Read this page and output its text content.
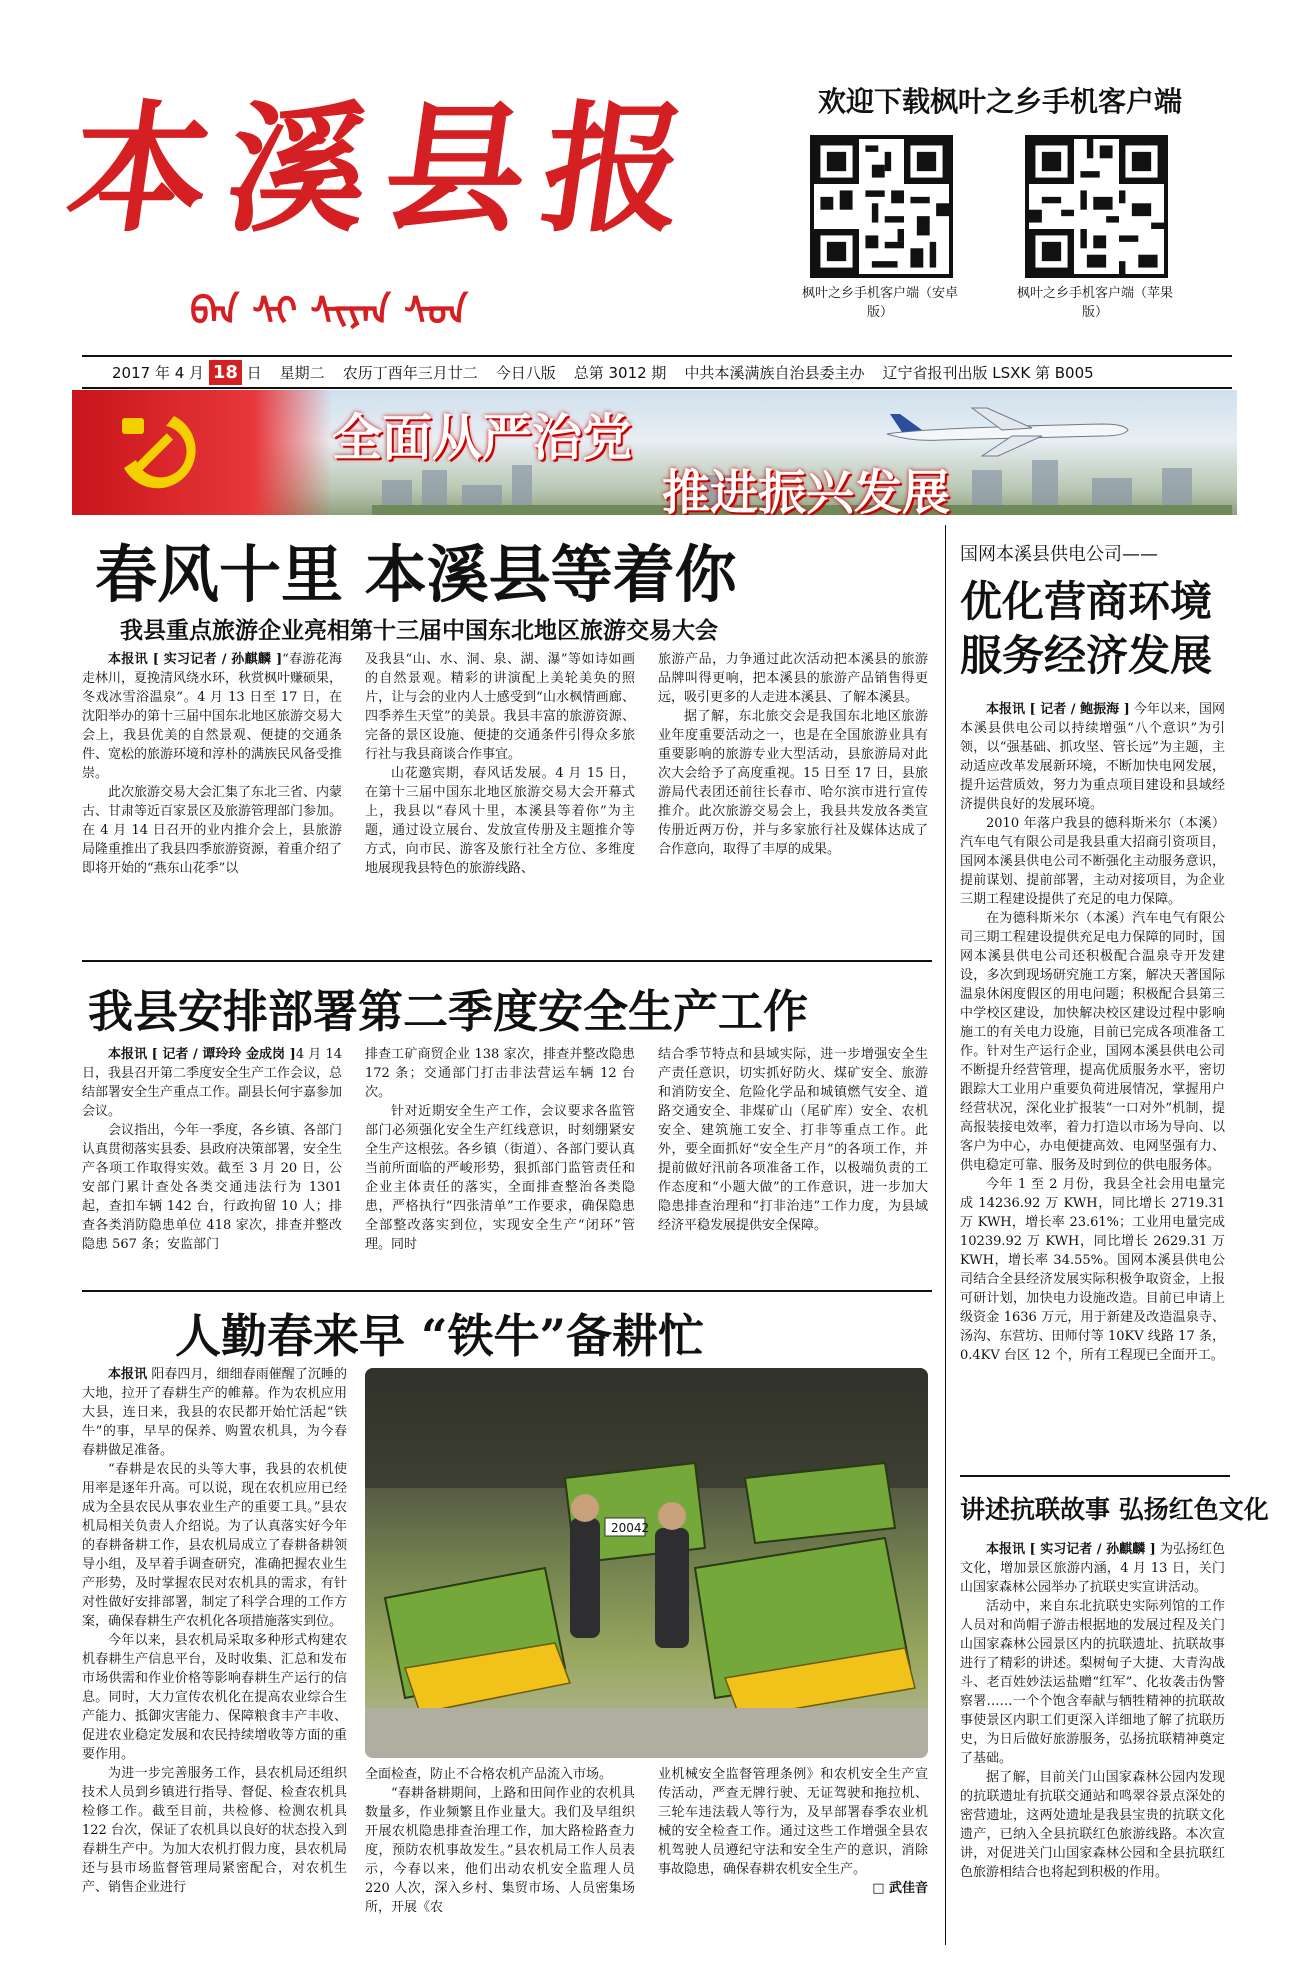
本溪县报
ᠪᠡᠨ ᠰᠢ ᠰᠢᠶᠠᠨ ᠰᠤᠨ
欢迎下载枫叶之乡手机客户端
枫叶之乡手机客户端（安卓版）
枫叶之乡手机客户端（苹果版）
2017 年 4 月 18 日 星期二 农历丁酉年三月廿二 今日八版 总第 3012 期 中共本溪满族自治县委主办 辽宁省报刊出版 LSXK 第 B005
全面从严治党
推进振兴发展
春风十里 本溪县等着你
我县重点旅游企业亮相第十三届中国东北地区旅游交易大会

本报讯 [ 实习记者 / 孙麒麟 ]“春游花海走林川，夏挽清风绕水环，秋赏枫叶赚硕果，冬戏冰雪浴温泉”。4 月 13 日至 17 日，在沈阳举办的第十三届中国东北地区旅游交易大会上，我县优美的自然景观、便捷的交通条件、宽松的旅游环境和淳朴的满族民风备受推崇。

此次旅游交易大会汇集了东北三省、内蒙古、甘肃等近百家景区及旅游管理部门参加。在 4 月 14 日召开的业内推介会上，县旅游局隆重推出了我县四季旅游资源，着重介绍了即将开始的“燕东山花季”以

及我县“山、水、洞、泉、湖、瀑”等如诗如画的自然景观。精彩的讲演配上美轮美奂的照片，让与会的业内人士感受到“山水枫情画廊、四季养生天堂”的美景。我县丰富的旅游资源、完备的景区设施、便捷的交通条件引得众多旅行社与我县商谈合作事宜。

山花邀宾期，春风话发展。4 月 15 日，在第十三届中国东北地区旅游交易大会开幕式上，我县以“春风十里，本溪县等着你”为主题，通过设立展台、发放宣传册及主题推介等方式，向市民、游客及旅行社全方位、多维度地展现我县特色的旅游线路、

旅游产品，力争通过此次活动把本溪县的旅游品牌叫得更响，把本溪县的旅游产品销售得更远，吸引更多的人走进本溪县、了解本溪县。

据了解，东北旅交会是我国东北地区旅游业年度重要活动之一，也是在全国旅游业具有重要影响的旅游专业大型活动，县旅游局对此次大会给予了高度重视。15 日至 17 日，县旅游局代表团还前往长春市、哈尔滨市进行宣传推介。此次旅游交易会上，我县共发放各类宣传册近两万份，并与多家旅行社及媒体达成了合作意向，取得了丰厚的成果。

我县安排部署第二季度安全生产工作

本报讯 [ 记者 / 谭玲玲 金成岗 ]4 月 14 日，我县召开第二季度安全生产工作会议，总结部署安全生产重点工作。副县长何宇嘉参加会议。

会议指出，今年一季度，各乡镇、各部门认真贯彻落实县委、县政府决策部署，安全生产各项工作取得实效。截至 3 月 20 日，公安部门累计查处各类交通违法行为 1301 起，查扣车辆 142 台，行政拘留 10 人；排查各类消防隐患单位 418 家次，排查并整改隐患 567 条；安监部门

排查工矿商贸企业 138 家次，排查并整改隐患 172 条；交通部门打击非法营运车辆 12 台次。

针对近期安全生产工作，会议要求各监管部门必须强化安全生产红线意识，时刻绷紧安全生产这根弦。各乡镇（街道）、各部门要认真当前所面临的严峻形势，狠抓部门监管责任和企业主体责任的落实，全面排查整治各类隐患，严格执行“四张清单”工作要求，确保隐患全部整改落实到位，实现安全生产“闭环”管理。同时

结合季节特点和县域实际，进一步增强安全生产责任意识，切实抓好防火、煤矿安全、旅游和消防安全、危险化学品和城镇燃气安全、道路交通安全、非煤矿山（尾矿库）安全、农机安全、建筑施工安全、打非等重点工作。此外，要全面抓好“安全生产月”的各项工作，并提前做好汛前各项准备工作，以极端负责的工作态度和“小题大做”的工作意识，进一步加大隐患排查治理和“打非治违”工作力度，为县域经济平稳发展提供安全保障。

人勤春来早 “铁牛”备耕忙

本报讯 阳春四月，细细春雨催醒了沉睡的大地，拉开了春耕生产的帷幕。作为农机应用大县，连日来，我县的农民都开始忙活起“铁牛”的事，早早的保养、购置农机具，为今春春耕做足准备。

“春耕是农民的头等大事，我县的农机使用率是逐年升高。可以说，现在农机应用已经成为全县农民从事农业生产的重要工具。”县农机局相关负责人介绍说。为了认真落实好今年的春耕备耕工作，县农机局成立了春耕备耕领导小组，及早着手调查研究，准确把握农业生产形势，及时掌握农民对农机具的需求，有针对性做好安排部署，制定了科学合理的工作方案，确保春耕生产农机化各项措施落实到位。

今年以来，县农机局采取多种形式构建农机春耕生产信息平台，及时收集、汇总和发布市场供需和作业价格等影响春耕生产运行的信息。同时，大力宣传农机化在提高农业综合生产能力、抵御灾害能力、保障粮食丰产丰收、促进农业稳定发展和农民持续增收等方面的重要作用。

为进一步完善服务工作，县农机局还组织技术人员到乡镇进行指导、督促、检查农机具检修工作。截至目前，共检修、检测农机具 122 台次，保证了农机具以良好的状态投入到春耕生产中。为加大农机打假力度，县农机局还与县市场监督管理局紧密配合，对农机生产、销售企业进行

20042

全面检查，防止不合格农机产品流入市场。

“春耕备耕期间，上路和田间作业的农机具数量多，作业频繁且作业量大。我们及早组织开展农机隐患排查治理工作，加大路检路查力度，预防农机事故发生。”县农机局工作人员表示，今春以来，他们出动农机安全监理人员 220 人次，深入乡村、集贸市场、人员密集场所，开展《农

业机械安全监督管理条例》和农机安全生产宣传活动，严查无牌行驶、无证驾驶和拖拉机、三轮车违法载人等行为，及早部署春季农业机械的安全检查工作。通过这些工作增强全县农机驾驶人员遵纪守法和安全生产的意识，消除事故隐患，确保春耕农机安全生产。

□ 武佳音

国网本溪县供电公司——
优化营商环境
服务经济发展

本报讯 [ 记者 / 鲍振海 ] 今年以来，国网本溪县供电公司以持续增强“八个意识”为引领，以“强基础、抓攻坚、管长远”为主题，主动适应改革发展新环境，不断加快电网发展，提升运营质效，努力为重点项目建设和县域经济提供良好的发展环境。

2010 年落户我县的德科斯米尔（本溪）汽车电气有限公司是我县重大招商引资项目，国网本溪县供电公司不断强化主动服务意识，提前谋划、提前部署，主动对接项目，为企业三期工程建设提供了充足的电力保障。

在为德科斯米尔（本溪）汽车电气有限公司三期工程建设提供充足电力保障的同时，国网本溪县供电公司还积极配合温泉寺开发建设，多次到现场研究施工方案，解决天著国际温泉休闲度假区的用电问题；积极配合县第三中学校区建设，加快解决校区建设过程中影响施工的有关电力设施，目前已完成各项准备工作。针对生产运行企业，国网本溪县供电公司不断提升经营管理，提高优质服务水平，密切跟踪大工业用户重要负荷进展情况，掌握用户经营状况，深化业扩报装“一口对外”机制，提高报装接电效率，着力打造以市场为导向、以客户为中心，办电便捷高效、电网坚强有力、供电稳定可靠、服务及时到位的供电服务体。

今年 1 至 2 月份，我县全社会用电量完成 14236.92 万 KWH，同比增长 2719.31 万 KWH，增长率 23.61%；工业用电量完成 10239.92 万 KWH，同比增长 2629.31 万 KWH，增长率 34.55%。国网本溪县供电公司结合全县经济发展实际积极争取资金，上报可研计划，加快电力设施改造。目前已申请上级资金 1636 万元，用于新建及改造温泉寺、汤沟、东营坊、田师付等 10KV 线路 17 条，0.4KV 台区 12 个，所有工程现已全面开工。

讲述抗联故事 弘扬红色文化

本报讯 [ 实习记者 / 孙麒麟 ] 为弘扬红色文化，增加景区旅游内涵，4 月 13 日，关门山国家森林公园举办了抗联史实宣讲活动。

活动中，来自东北抗联史实际列馆的工作人员对和尚帽子游击根据地的发展过程及关门山国家森林公园景区内的抗联遗址、抗联故事进行了精彩的讲述。梨树甸子大捷、大青沟战斗、老百姓妙法运盐赠“红军”、化妆袭击伪警察署……一个个饱含奉献与牺牲精神的抗联故事使景区内职工们更深入详细地了解了抗联历史，为日后做好旅游服务，弘扬抗联精神奠定了基础。

据了解，目前关门山国家森林公园内发现的抗联遗址有抗联交通站和鸣翠谷景点深处的密营遗址，这两处遗址是我县宝贵的抗联文化遗产，已纳入全县抗联红色旅游线路。本次宣讲，对促进关门山国家森林公园和全县抗联红色旅游相结合也将起到积极的作用。
